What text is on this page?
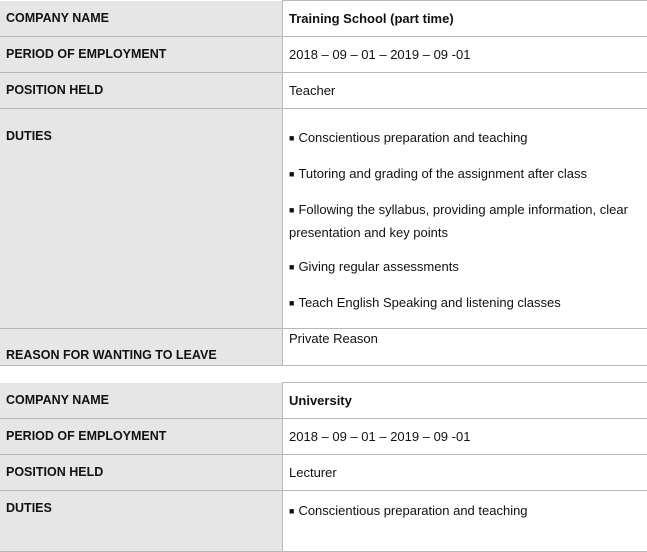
COMPANY NAME	Training School (part time)

PERIOD OF EMPLOYMENT	2018 – 09 – 01 – 2019 – 09 -01

POSITION HELD	Teacher

DUTIES	■ Conscientious preparation and teaching

■ Tutoring and grading of the assignment after class

■ Following the syllabus, providing ample information, clear presentation and key points

■ Giving regular assessments

■ Teach English Speaking and listening classes

REASON FOR WANTING TO LEAVE	Private Reason
COMPANY NAME	University

PERIOD OF EMPLOYMENT	2018 – 09 – 01 – 2019 – 09 -01

POSITION HELD	Lecturer

DUTIES	■ Conscientious preparation and teaching
